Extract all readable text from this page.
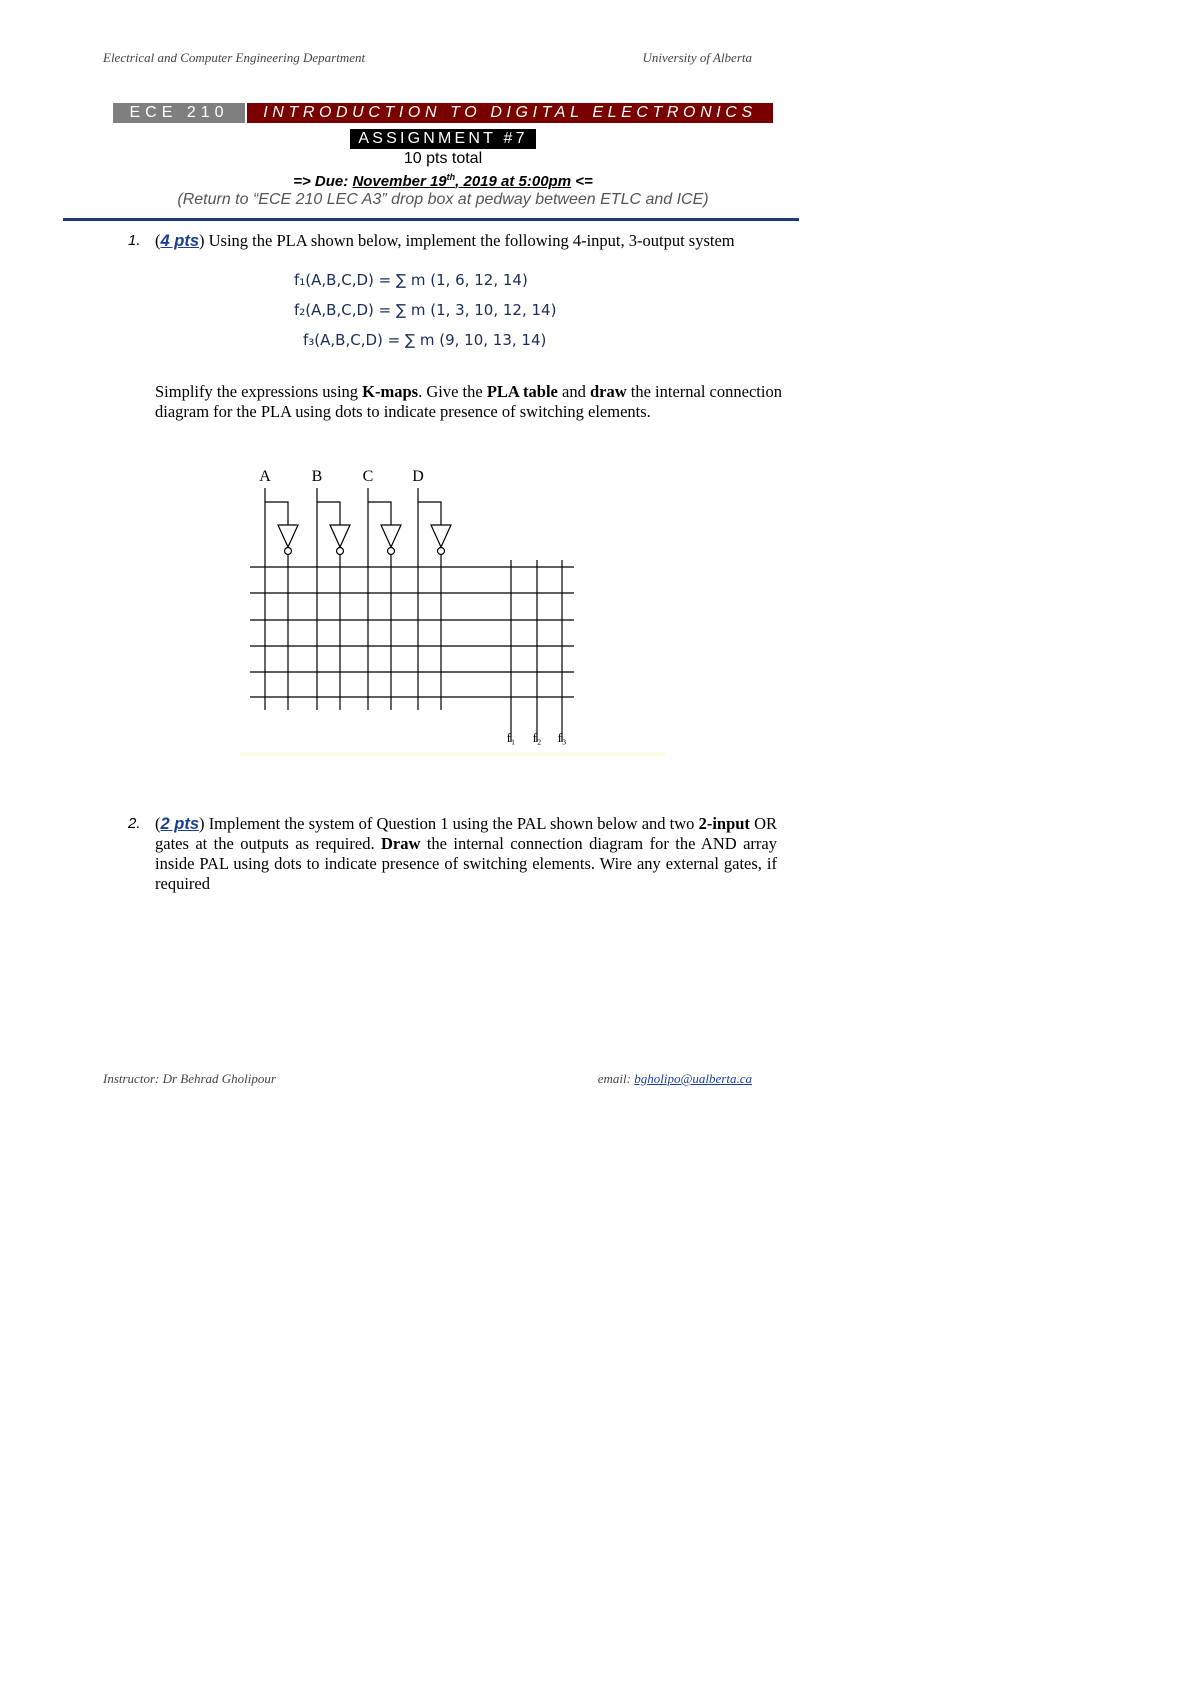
Electrical and Computer Engineering Department	University of Alberta
ECE 210	INTRODUCTION TO DIGITAL ELECTRONICS
ASSIGNMENT #7
10 pts total
=> Due: November 19th, 2019 at 5:00pm <=
(Return to “ECE 210 LEC A3” drop box at pedway between ETLC and ICE)
1. (4 pts) Using the PLA shown below, implement the following 4-input, 3-output system
f₁(A,B,C,D) = ∑ m (1, 6, 12, 14)
f₂(A,B,C,D) = ∑ m (1, 3, 10, 12, 14)
f₃(A,B,C,D) = ∑ m (9, 10, 13, 14)
Simplify the expressions using K-maps. Give the PLA table and draw the internal connection diagram for the PLA using dots to indicate presence of switching elements.
A	B	C D
f₁ f₂ f₃
2. (2 pts) Implement the system of Question 1 using the PAL shown below and two 2-input OR gates at the outputs as required. Draw the internal connection diagram for the AND array inside PAL using dots to indicate presence of switching elements. Wire any external gates, if required
Instructor: Dr Behrad Gholipour	email: bgholipo@ualberta.ca
